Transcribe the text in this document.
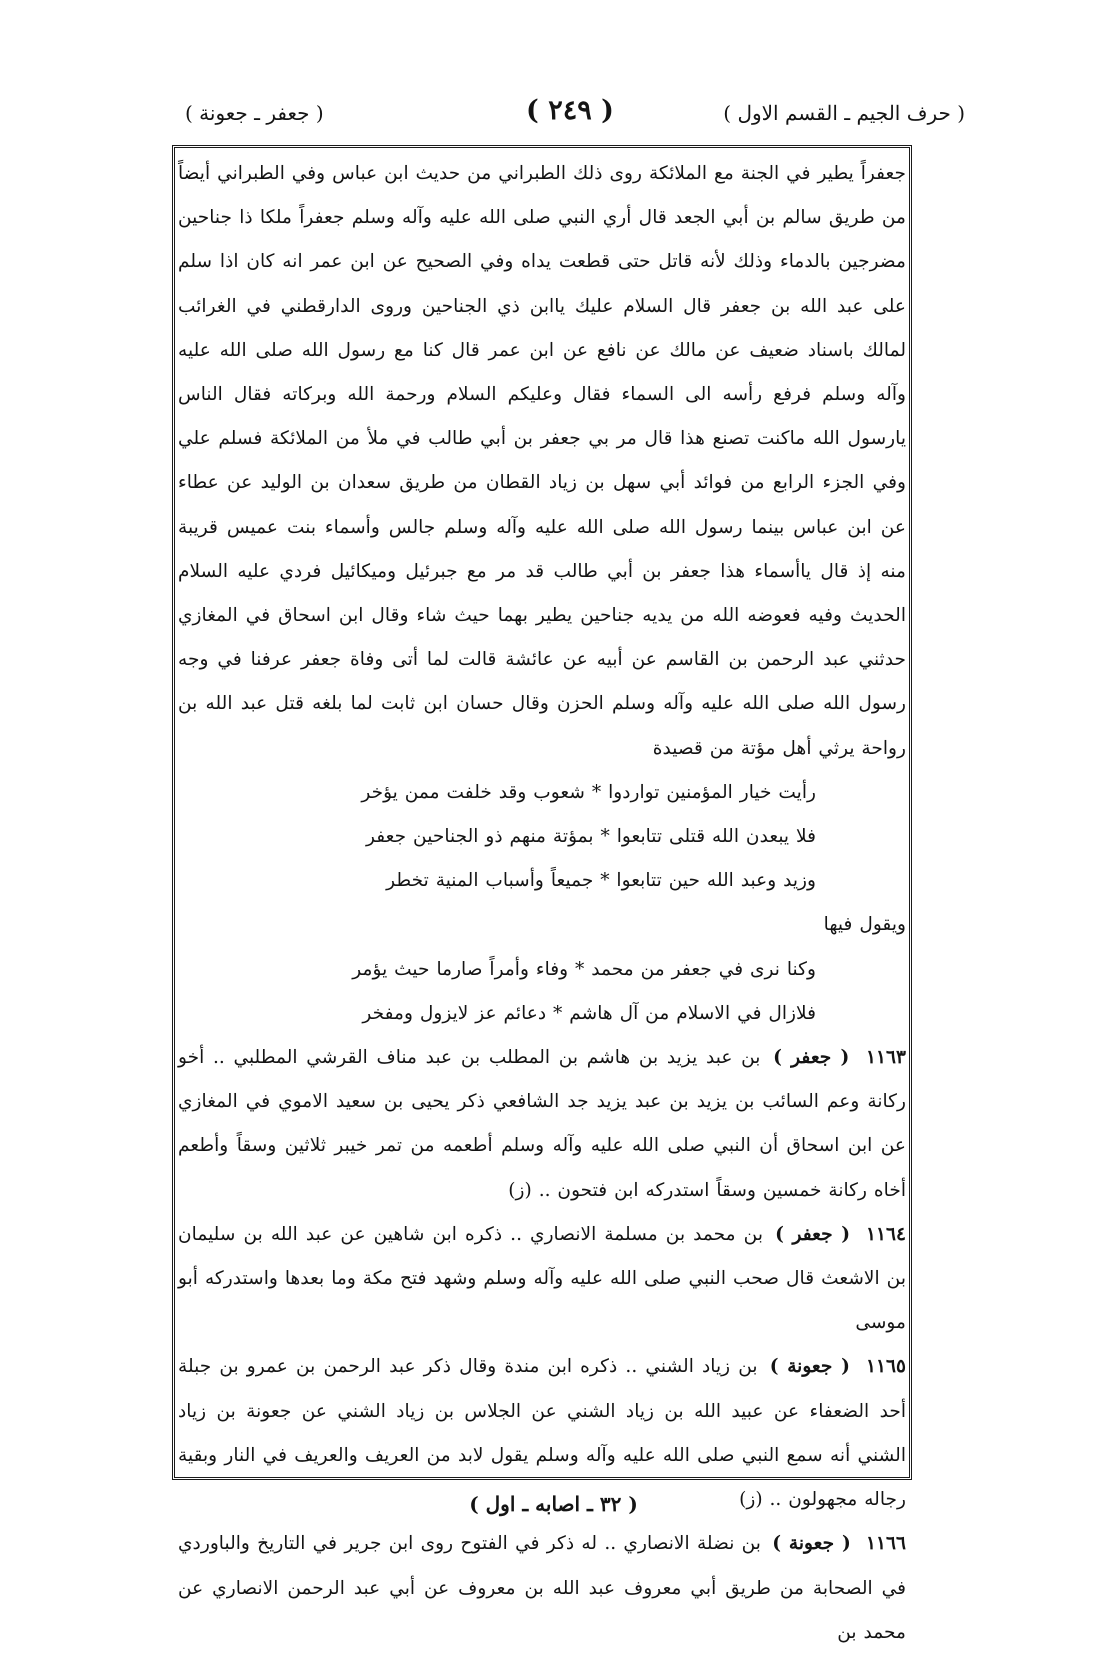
( حرف الجيم ـ القسم الاول )
( ٢٤٩ )
( جعفر ـ جعونة )

جعفراً يطير في الجنة مع الملائكة روى ذلك الطبراني من حديث ابن عباس وفي الطبراني أيضاً من طريق سالم بن أبي الجعد قال أري النبي صلى الله عليه وآله وسلم جعفراً ملكا ذا جناحين مضرجين بالدماء وذلك لأنه قاتل حتى قطعت يداه وفي الصحيح عن ابن عمر انه كان اذا سلم على عبد الله بن جعفر قال السلام عليك ياابن ذي الجناحين وروى الدارقطني في الغرائب لمالك باسناد ضعيف عن مالك عن نافع عن ابن عمر قال كنا مع رسول الله صلى الله عليه وآله وسلم فرفع رأسه الى السماء فقال وعليكم السلام ورحمة الله وبركاته فقال الناس يارسول الله ماكنت تصنع هذا قال مر بي جعفر بن أبي طالب في ملأ من الملائكة فسلم علي وفي الجزء الرابع من فوائد أبي سهل بن زياد القطان من طريق سعدان بن الوليد عن عطاء عن ابن عباس بينما رسول الله صلى الله عليه وآله وسلم جالس وأسماء بنت عميس قريبة منه إذ قال ياأسماء هذا جعفر بن أبي طالب قد مر مع جبرئيل وميكائيل فردي عليه السلام الحديث وفيه فعوضه الله من يديه جناحين يطير بهما حيث شاء وقال ابن اسحاق في المغازي حدثني عبد الرحمن بن القاسم عن أبيه عن عائشة قالت لما أتى وفاة جعفر عرفنا في وجه رسول الله صلى الله عليه وآله وسلم الحزن وقال حسان ابن ثابت لما بلغه قتل عبد الله بن رواحة يرثي أهل مؤتة من قصيدة

رأيت خيار المؤمنين تواردوا * شعوب وقد خلفت ممن يؤخر
فلا يبعدن الله قتلى تتابعوا * بمؤتة منهم ذو الجناحين جعفر
وزيد وعبد الله حين تتابعوا * جميعاً وأسباب المنية تخطر

ويقول فيها

وكنا نرى في جعفر من محمد * وفاء وأمراً صارما حيث يؤمر
فلازال في الاسلام من آل هاشم * دعائم عز لايزول ومفخر

١١٦٣ ( جعفر ) بن عبد يزيد بن هاشم بن المطلب بن عبد مناف القرشي المطلبي .. أخو ركانة وعم السائب بن يزيد بن عبد يزيد جد الشافعي ذكر يحيى بن سعيد الاموي في المغازي عن ابن اسحاق أن النبي صلى الله عليه وآله وسلم أطعمه من تمر خيبر ثلاثين وسقاً وأطعم أخاه ركانة خمسين وسقاً استدركه ابن فتحون .. (ز)

١١٦٤ ( جعفر ) بن محمد بن مسلمة الانصاري .. ذكره ابن شاهين عن عبد الله بن سليمان بن الاشعث قال صحب النبي صلى الله عليه وآله وسلم وشهد فتح مكة وما بعدها واستدركه أبو موسى

١١٦٥ ( جعونة ) بن زياد الشني .. ذكره ابن مندة وقال ذكر عبد الرحمن بن عمرو بن جبلة أحد الضعفاء عن عبيد الله بن زياد الشني عن الجلاس بن زياد الشني عن جعونة بن زياد الشني أنه سمع النبي صلى الله عليه وآله وسلم يقول لابد من العريف والعريف في النار وبقية رجاله مجهولون .. (ز)

١١٦٦ ( جعونة ) بن نضلة الانصاري .. له ذكر في الفتوح روى ابن جرير في التاريخ والباوردي في الصحابة من طريق أبي معروف عبد الله بن معروف عن أبي عبد الرحمن الانصاري عن محمد بن

( ٣٢ ـ اصابه ـ اول )
